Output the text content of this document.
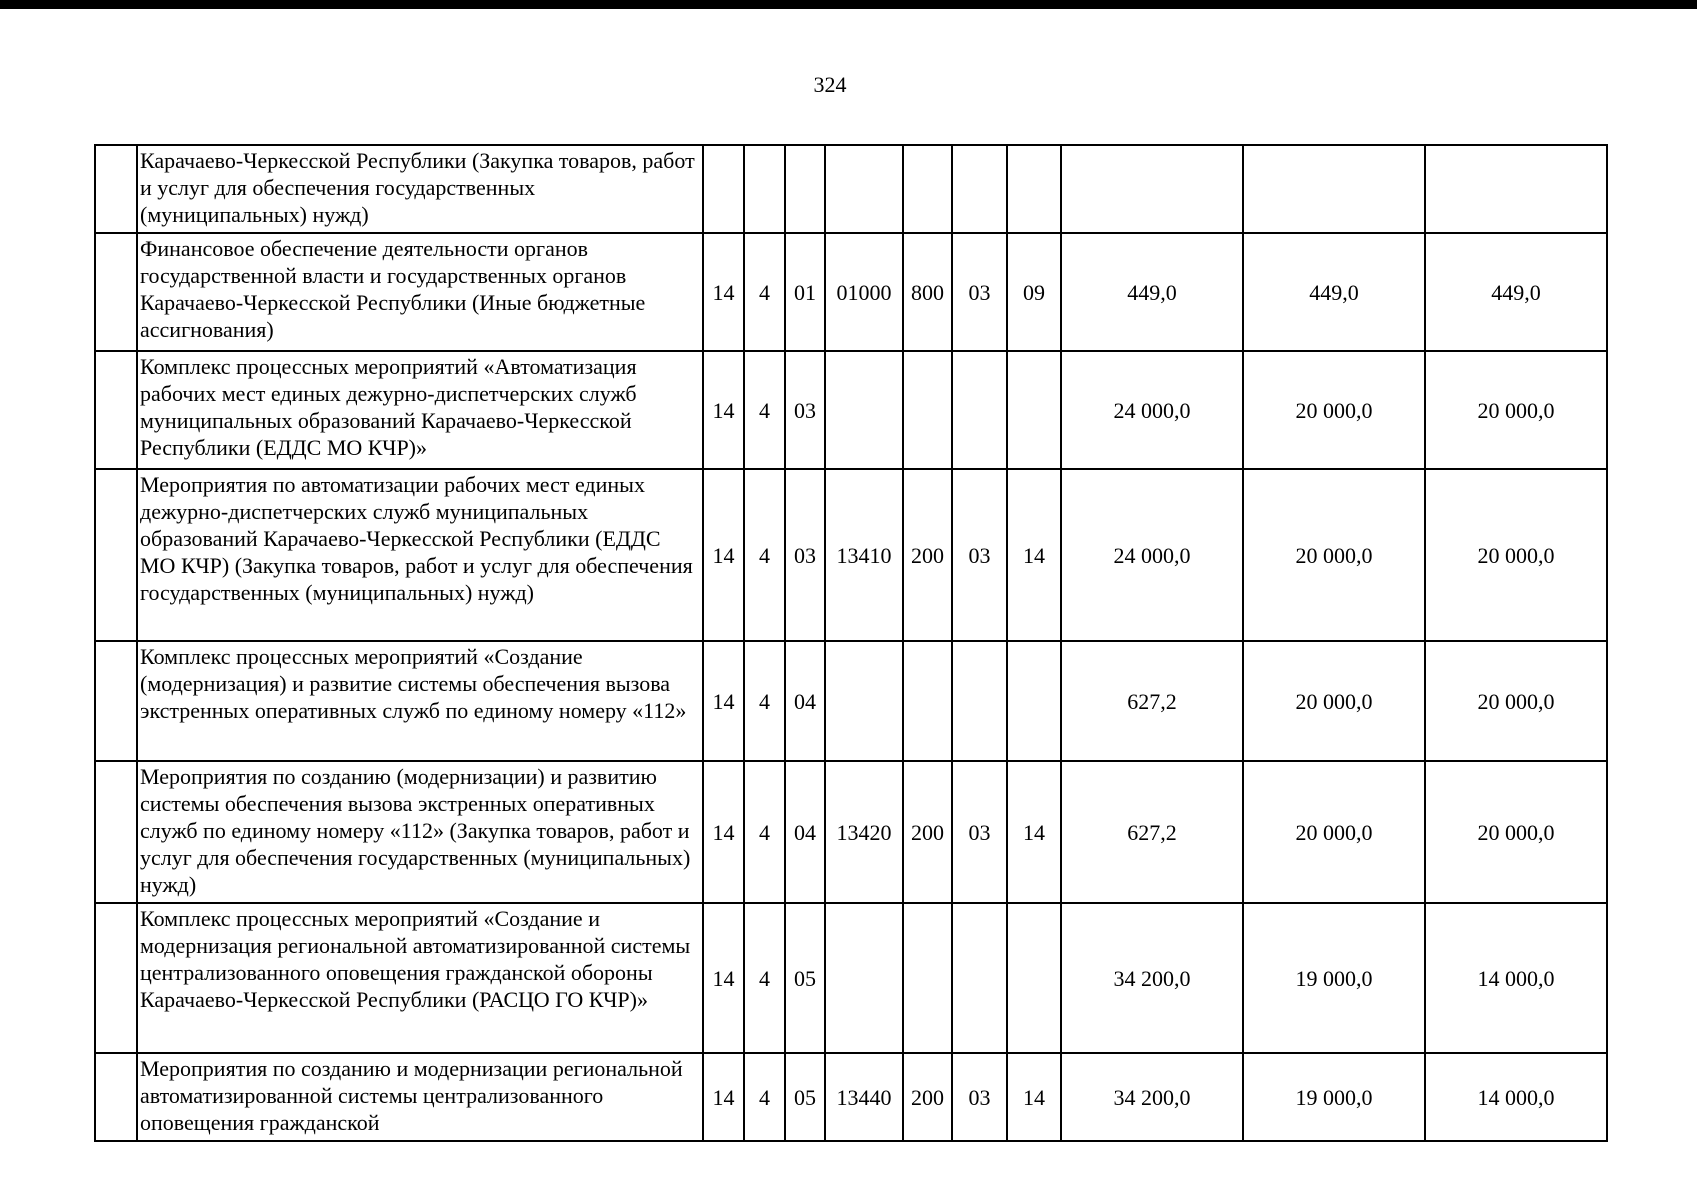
324
	Карачаево-Черкесской Республики (Закупка товаров, работ и услуг для обеспечения государственных (муниципальных) нужд)										
	Финансовое обеспечение деятельности органов государственной власти и государственных органов Карачаево-Черкесской Республики (Иные бюджетные ассигнования)	14	4	01	01000	800	03	09	449,0	449,0	449,0
	Комплекс процессных мероприятий «Автоматизация рабочих мест единых дежурно-диспетчерских служб муниципальных образований Карачаево-Черкесской Республики (ЕДДС МО КЧР)»	14	4	03					24 000,0	20 000,0	20 000,0
	Мероприятия по автоматизации рабочих мест единых дежурно-диспетчерских служб муниципальных образований Карачаево-Черкесской Республики (ЕДДС МО КЧР) (Закупка товаров, работ и услуг для обеспечения государственных (муниципальных) нужд)	14	4	03	13410	200	03	14	24 000,0	20 000,0	20 000,0
	Комплекс процессных мероприятий «Создание (модернизация) и развитие системы обеспечения вызова экстренных оперативных служб по единому номеру «112»	14	4	04					627,2	20 000,0	20 000,0
	Мероприятия по созданию (модернизации) и развитию системы обеспечения вызова экстренных оперативных служб по единому номеру «112» (Закупка товаров, работ и услуг для обеспечения государственных (муниципальных) нужд)	14	4	04	13420	200	03	14	627,2	20 000,0	20 000,0
	Комплекс процессных мероприятий «Создание и модернизация региональной автоматизированной системы централизованного оповещения гражданской обороны Карачаево-Черкесской Республики (РАСЦО ГО КЧР)»	14	4	05					34 200,0	19 000,0	14 000,0
	Мероприятия по созданию и модернизации региональной автоматизированной системы централизованного оповещения гражданской	14	4	05	13440	200	03	14	34 200,0	19 000,0	14 000,0
